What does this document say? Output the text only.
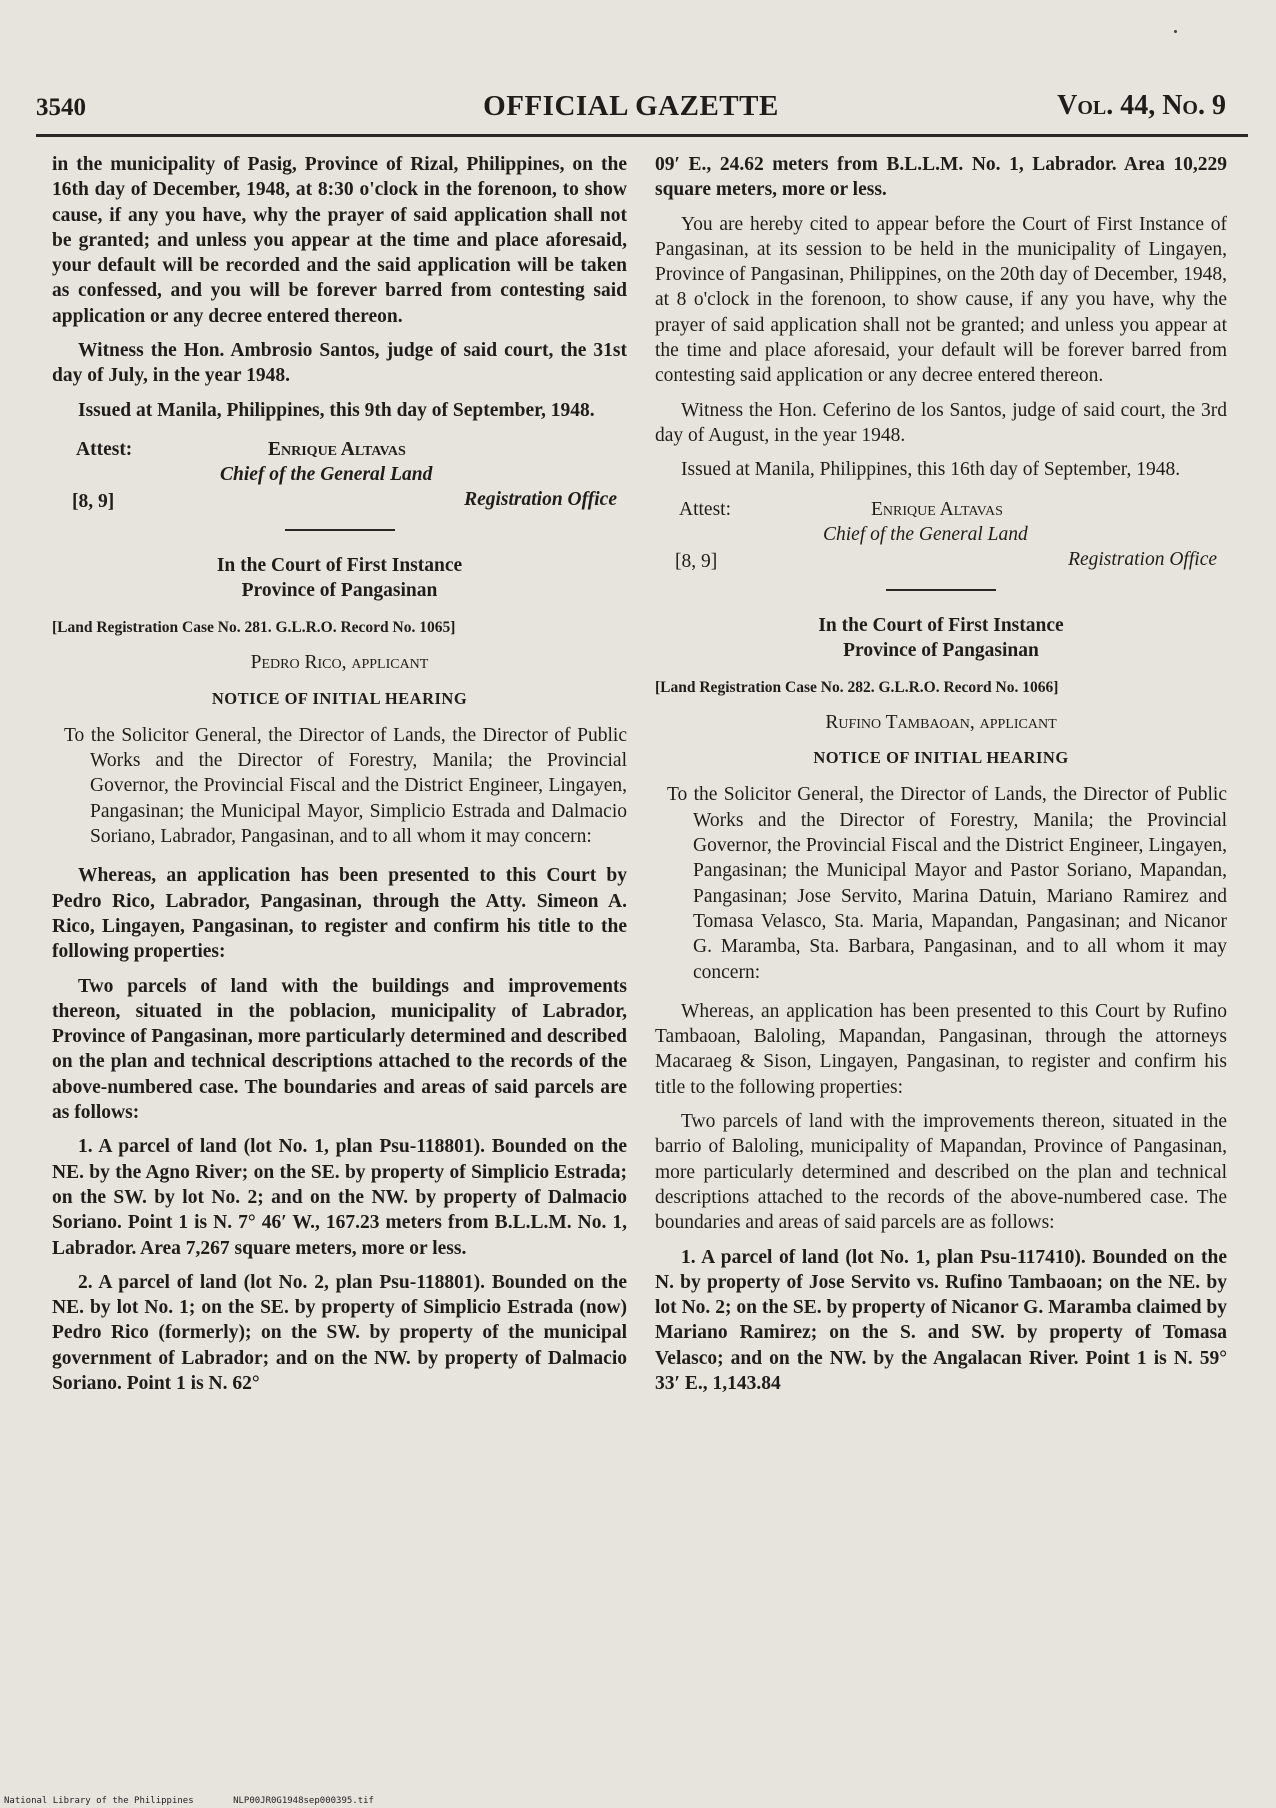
3540	OFFICIAL GAZETTE	Vol. 44, No. 9

in the municipality of Pasig, Province of Rizal, Philippines, on the 16th day of December, 1948, at 8:30 o'clock in the forenoon, to show cause, if any you have, why the prayer of said application shall not be granted; and unless you appear at the time and place aforesaid, your default will be recorded and the said application will be taken as confessed, and you will be forever barred from contesting said application or any decree entered thereon.

Witness the Hon. Ambrosio Santos, judge of said court, the 31st day of July, in the year 1948.

Issued at Manila, Philippines, this 9th day of September, 1948.

Attest:	Enrique Altavas
Chief of the General Land
[8, 9]	Registration Office
In the Court of First Instance
Province of Pangasinan
[Land Registration Case No. 281. G.L.R.O. Record No. 1065]
Pedro Rico, applicant
NOTICE OF INITIAL HEARING

To the Solicitor General, the Director of Lands, the Director of Public Works and the Director of Forestry, Manila; the Provincial Governor, the Provincial Fiscal and the District Engineer, Lingayen, Pangasinan; the Municipal Mayor, Simplicio Estrada and Dalmacio Soriano, Labrador, Pangasinan, and to all whom it may concern:

Whereas, an application has been presented to this Court by Pedro Rico, Labrador, Pangasinan, through the Atty. Simeon A. Rico, Lingayen, Pangasinan, to register and confirm his title to the following properties:

Two parcels of land with the buildings and improvements thereon, situated in the poblacion, municipality of Labrador, Province of Pangasinan, more particularly determined and described on the plan and technical descriptions attached to the records of the above-numbered case. The boundaries and areas of said parcels are as follows:

1. A parcel of land (lot No. 1, plan Psu-118801). Bounded on the NE. by the Agno River; on the SE. by property of Simplicio Estrada; on the SW. by lot No. 2; and on the NW. by property of Dalmacio Soriano. Point 1 is N. 7° 46′ W., 167.23 meters from B.L.L.M. No. 1, Labrador. Area 7,267 square meters, more or less.

2. A parcel of land (lot No. 2, plan Psu-118801). Bounded on the NE. by lot No. 1; on the SE. by property of Simplicio Estrada (now) Pedro Rico (formerly); on the SW. by property of the municipal government of Labrador; and on the NW. by property of Dalmacio Soriano. Point 1 is N. 62°

09′ E., 24.62 meters from B.L.L.M. No. 1, Labrador. Area 10,229 square meters, more or less.

You are hereby cited to appear before the Court of First Instance of Pangasinan, at its session to be held in the municipality of Lingayen, Province of Pangasinan, Philippines, on the 20th day of December, 1948, at 8 o'clock in the forenoon, to show cause, if any you have, why the prayer of said application shall not be granted; and unless you appear at the time and place aforesaid, your default will be forever barred from contesting said application or any decree entered thereon.

Witness the Hon. Ceferino de los Santos, judge of said court, the 3rd day of August, in the year 1948.

Issued at Manila, Philippines, this 16th day of September, 1948.

Attest:	Enrique Altavas
Chief of the General Land
[8, 9]	Registration Office
In the Court of First Instance
Province of Pangasinan
[Land Registration Case No. 282. G.L.R.O. Record No. 1066]
Rufino Tambaoan, applicant
NOTICE OF INITIAL HEARING

To the Solicitor General, the Director of Lands, the Director of Public Works and the Director of Forestry, Manila; the Provincial Governor, the Provincial Fiscal and the District Engineer, Lingayen, Pangasinan; the Municipal Mayor and Pastor Soriano, Mapandan, Pangasinan; Jose Servito, Marina Datuin, Mariano Ramirez and Tomasa Velasco, Sta. Maria, Mapandan, Pangasinan; and Nicanor G. Maramba, Sta. Barbara, Pangasinan, and to all whom it may concern:

Whereas, an application has been presented to this Court by Rufino Tambaoan, Baloling, Mapandan, Pangasinan, through the attorneys Macaraeg & Sison, Lingayen, Pangasinan, to register and confirm his title to the following properties:

Two parcels of land with the improvements thereon, situated in the barrio of Baloling, municipality of Mapandan, Province of Pangasinan, more particularly determined and described on the plan and technical descriptions attached to the records of the above-numbered case. The boundaries and areas of said parcels are as follows:

1. A parcel of land (lot No. 1, plan Psu-117410). Bounded on the N. by property of Jose Servito vs. Rufino Tambaoan; on the NE. by lot No. 2; on the SE. by property of Nicanor G. Maramba claimed by Mariano Ramirez; on the S. and SW. by property of Tomasa Velasco; and on the NW. by the Angalacan River. Point 1 is N. 59° 33′ E., 1,143.84

National Library of the Philippines	NLP00JR0G1948sep000395.tif
